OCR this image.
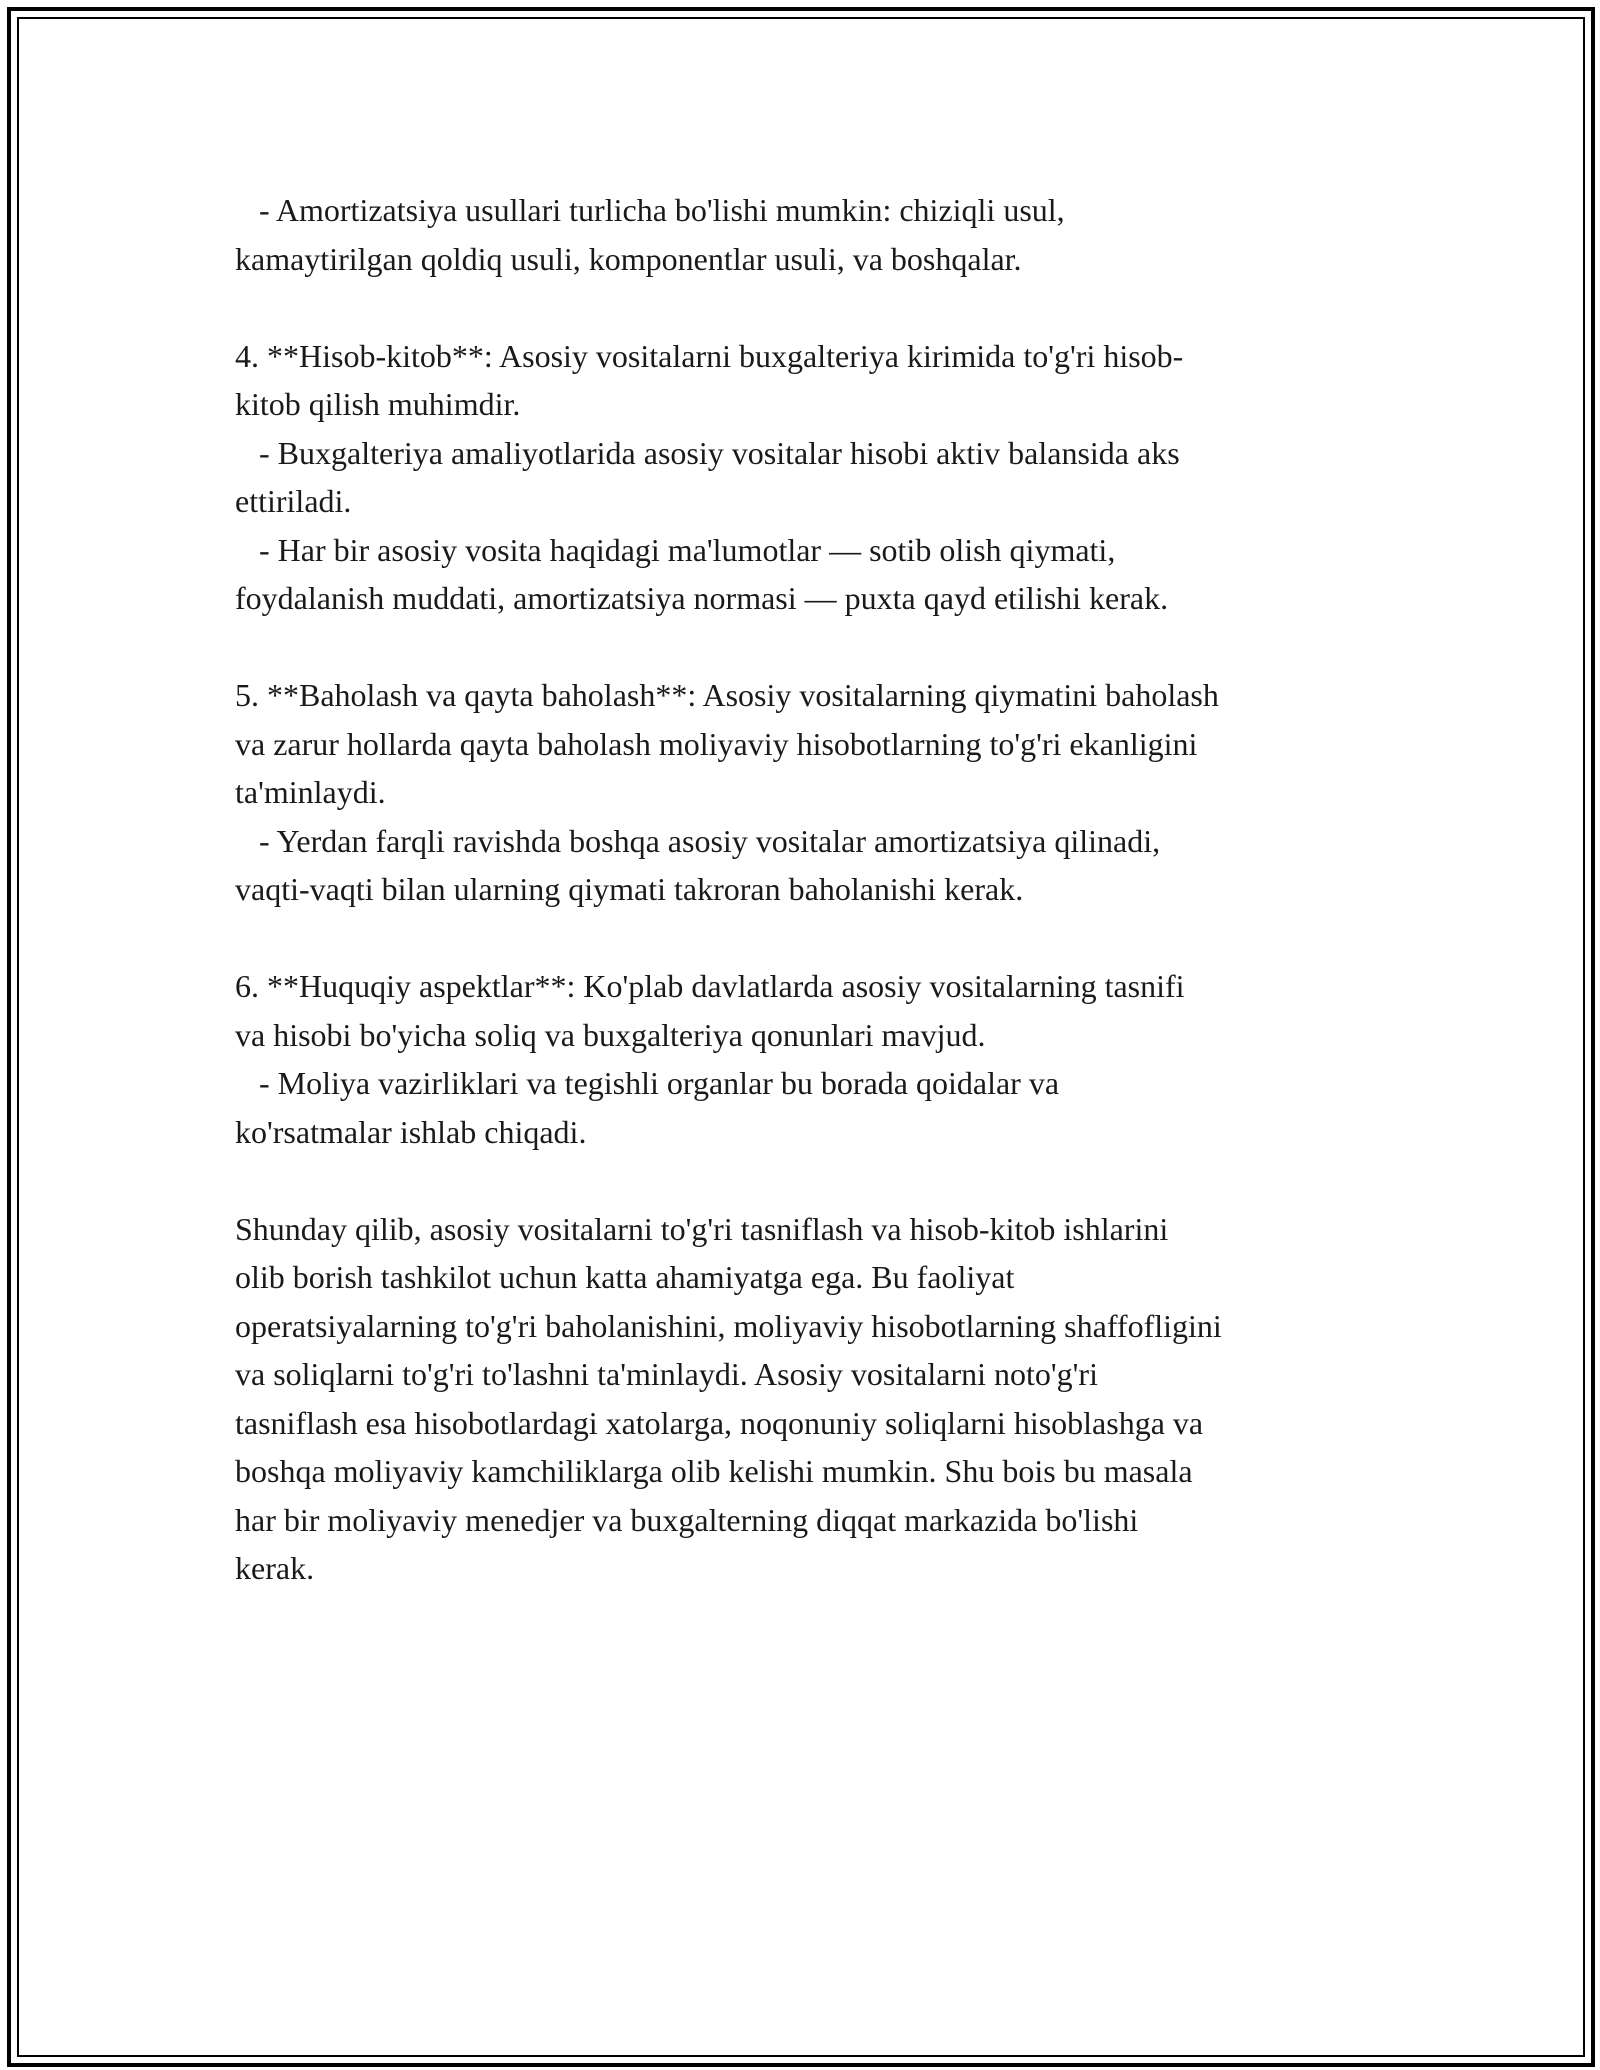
- Amortizatsiya usullari turlicha bo'lishi mumkin: chiziqli usul,
kamaytirilgan qoldiq usuli, komponentlar usuli, va boshqalar.
4. **Hisob-kitob**: Asosiy vositalarni buxgalteriya kirimida to'g'ri hisob-
kitob qilish muhimdir.
- Buxgalteriya amaliyotlarida asosiy vositalar hisobi aktiv balansida aks
ettiriladi.
- Har bir asosiy vosita haqidagi ma'lumotlar — sotib olish qiymati,
foydalanish muddati, amortizatsiya normasi — puxta qayd etilishi kerak.
5. **Baholash va qayta baholash**: Asosiy vositalarning qiymatini baholash
va zarur hollarda qayta baholash moliyaviy hisobotlarning to'g'ri ekanligini
ta'minlaydi.
- Yerdan farqli ravishda boshqa asosiy vositalar amortizatsiya qilinadi,
vaqti-vaqti bilan ularning qiymati takroran baholanishi kerak.
6. **Huquqiy aspektlar**: Ko'plab davlatlarda asosiy vositalarning tasnifi
va hisobi bo'yicha soliq va buxgalteriya qonunlari mavjud.
- Moliya vazirliklari va tegishli organlar bu borada qoidalar va
ko'rsatmalar ishlab chiqadi.
Shunday qilib, asosiy vositalarni to'g'ri tasniflash va hisob-kitob ishlarini
olib borish tashkilot uchun katta ahamiyatga ega. Bu faoliyat
operatsiyalarning to'g'ri baholanishini, moliyaviy hisobotlarning shaffofligini
va soliqlarni to'g'ri to'lashni ta'minlaydi. Asosiy vositalarni noto'g'ri
tasniflash esa hisobotlardagi xatolarga, noqonuniy soliqlarni hisoblashga va
boshqa moliyaviy kamchiliklarga olib kelishi mumkin. Shu bois bu masala
har bir moliyaviy menedjer va buxgalterning diqqat markazida bo'lishi
kerak.
